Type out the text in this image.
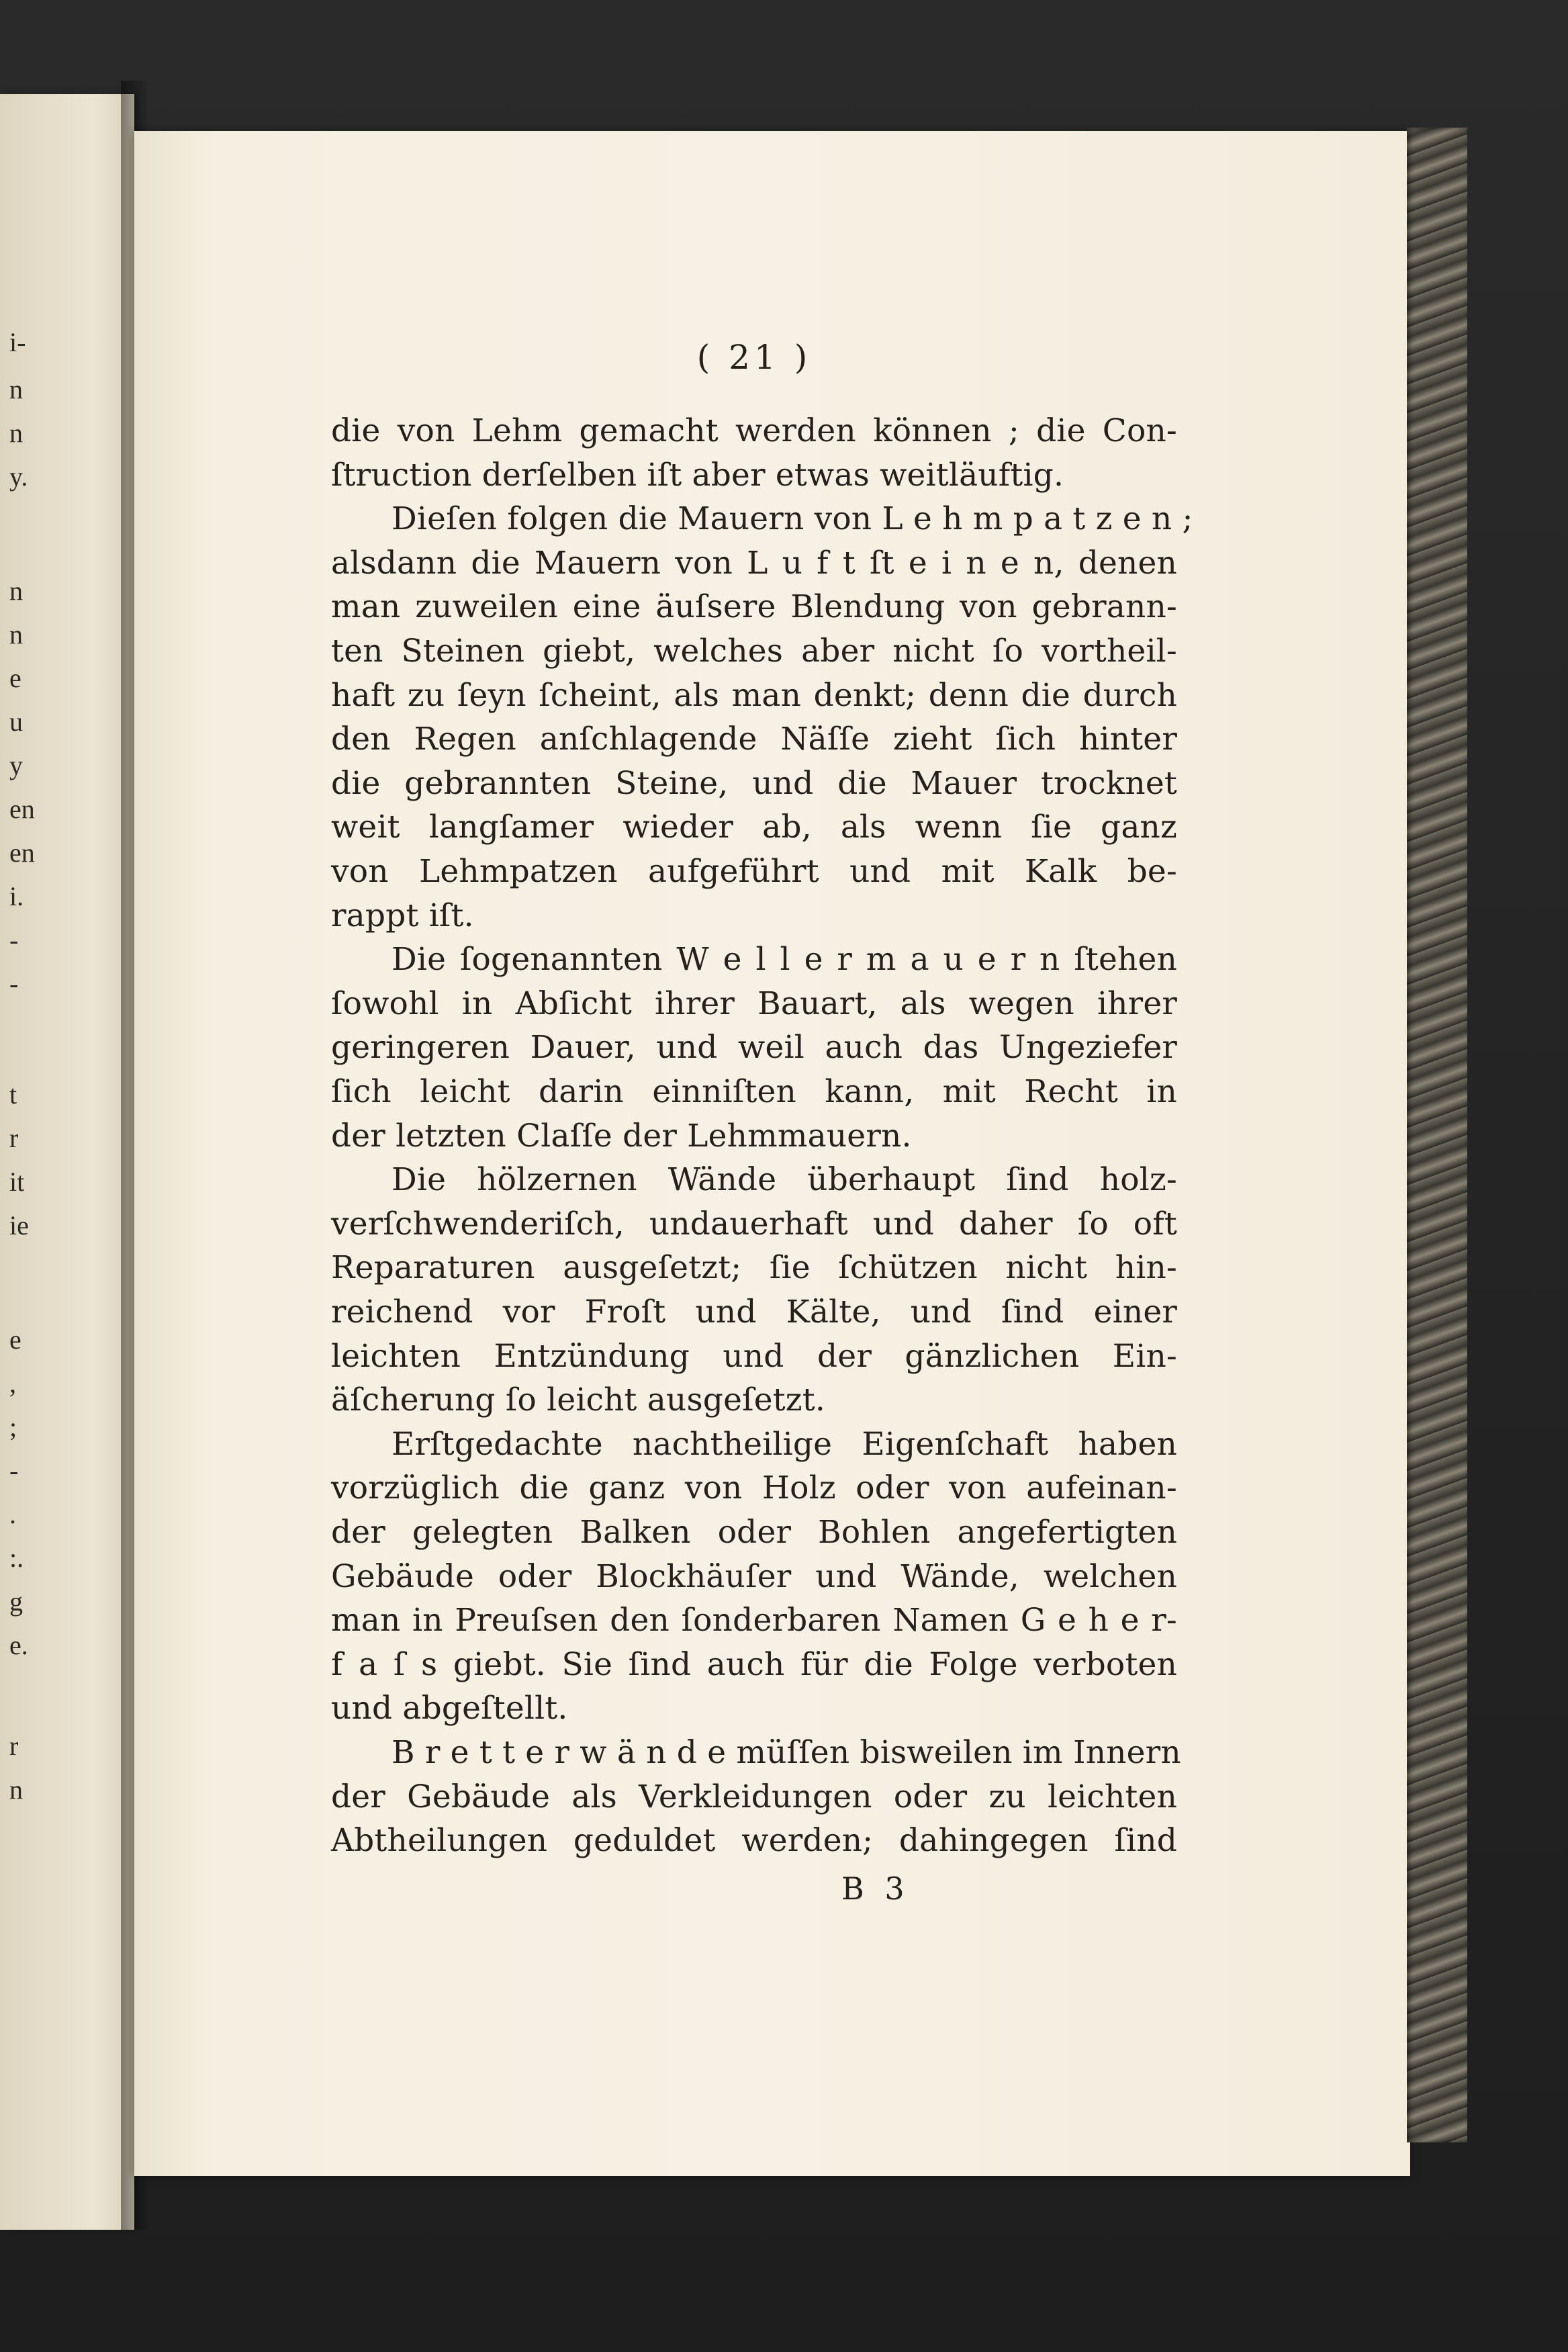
i-
n
n
y.
n
n
e
u
y
en
en
i.
-
-
t
r
it
ie
e
,
;
-
.
:.
g
e.
r
n
( 21 )
die von Lehm gemacht werden können ; die Con-
ſtruction derſelben iſt aber etwas weitläuftig.
Dieſen folgen die Mauern von L e h m p a t z e n ;
alsdann die Mauern von L u f t ſt e i n e n, denen
man zuweilen eine äuſsere Blendung von gebrann-
ten Steinen giebt, welches aber nicht ſo vortheil-
haft zu ſeyn ſcheint, als man denkt; denn die durch
den Regen anſchlagende Näſſe zieht ſich hinter
die gebrannten Steine, und die Mauer trocknet
weit langſamer wieder ab, als wenn ſie ganz
von Lehmpatzen aufgeführt und mit Kalk be-
rappt iſt.
Die ſogenannten W e l l e r m a u e r n ſtehen
ſowohl in Abſicht ihrer Bauart, als wegen ihrer
geringeren Dauer, und weil auch das Ungeziefer
ſich leicht darin einniſten kann, mit Recht in
der letzten Claſſe der Lehmmauern.
Die hölzernen Wände überhaupt ſind holz-
verſchwenderiſch, undauerhaft und daher ſo oft
Reparaturen ausgeſetzt; ſie ſchützen nicht hin-
reichend vor Froſt und Kälte, und ſind einer
leichten Entzündung und der gänzlichen Ein-
äſcherung ſo leicht ausgeſetzt.
Erſtgedachte nachtheilige Eigenſchaft haben
vorzüglich die ganz von Holz oder von aufeinan-
der gelegten Balken oder Bohlen angefertigten
Gebäude oder Blockhäuſer und Wände, welchen
man in Preuſsen den ſonderbaren Namen G e h e r-
f a ſ s giebt. Sie ſind auch für die Folge verboten
und abgeſtellt.
B r e t t e r w ä n d e müſſen bisweilen im Innern
der Gebäude als Verkleidungen oder zu leichten
Abtheilungen geduldet werden; dahingegen ſind
B 3
